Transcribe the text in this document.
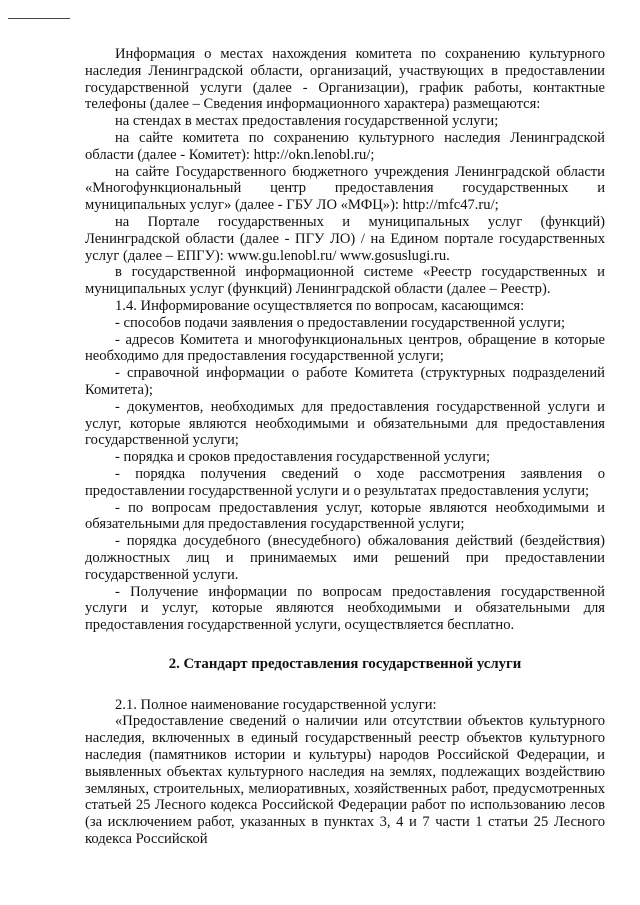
Информация о местах нахождения комитета по сохранению культурного наследия Ленинградской области, организаций, участвующих в предоставлении государственной услуги (далее - Организации), график работы, контактные телефоны (далее – Сведения информационного характера) размещаются:

на стендах в местах предоставления государственной услуги;

на сайте комитета по сохранению культурного наследия Ленинградской области (далее - Комитет): http://okn.lenobl.ru/;

на сайте Государственного бюджетного учреждения Ленинградской области «Многофункциональный центр предоставления государственных и муниципальных услуг» (далее - ГБУ ЛО «МФЦ»): http://mfc47.ru/;

на Портале государственных и муниципальных услуг (функций) Ленинградской области (далее - ПГУ ЛО) / на Едином портале государственных услуг (далее – ЕПГУ): www.gu.lenobl.ru/ www.gosuslugi.ru.

в государственной информационной системе «Реестр государственных и муниципальных услуг (функций) Ленинградской области (далее – Реестр).

1.4. Информирование осуществляется по вопросам, касающимся:

- способов подачи заявления о предоставлении государственной услуги;

- адресов Комитета и многофункциональных центров, обращение в которые необходимо для предоставления государственной услуги;

- справочной информации о работе Комитета (структурных подразделений Комитета);

- документов, необходимых для предоставления государственной услуги и услуг, которые являются необходимыми и обязательными для предоставления государственной услуги;

- порядка и сроков предоставления государственной услуги;

- порядка получения сведений о ходе рассмотрения заявления о предоставлении государственной услуги и о результатах предоставления услуги;

- по вопросам предоставления услуг, которые являются необходимыми и обязательными для предоставления государственной услуги;

- порядка досудебного (внесудебного) обжалования действий (бездействия) должностных лиц и принимаемых ими решений при предоставлении государственной услуги.

- Получение информации по вопросам предоставления государственной услуги и услуг, которые являются необходимыми и обязательными для предоставления государственной услуги, осуществляется бесплатно.

2. Стандарт предоставления государственной услуги

2.1. Полное наименование государственной услуги:

«Предоставление сведений о наличии или отсутствии объектов культурного наследия, включенных в единый государственный реестр объектов культурного наследия (памятников истории и культуры) народов Российской Федерации, и выявленных объектах культурного наследия на землях, подлежащих воздействию земляных, строительных, мелиоративных, хозяйственных работ, предусмотренных статьей 25 Лесного кодекса Российской Федерации работ по использованию лесов (за исключением работ, указанных в пунктах 3, 4 и 7 части 1 статьи 25 Лесного кодекса Российской
